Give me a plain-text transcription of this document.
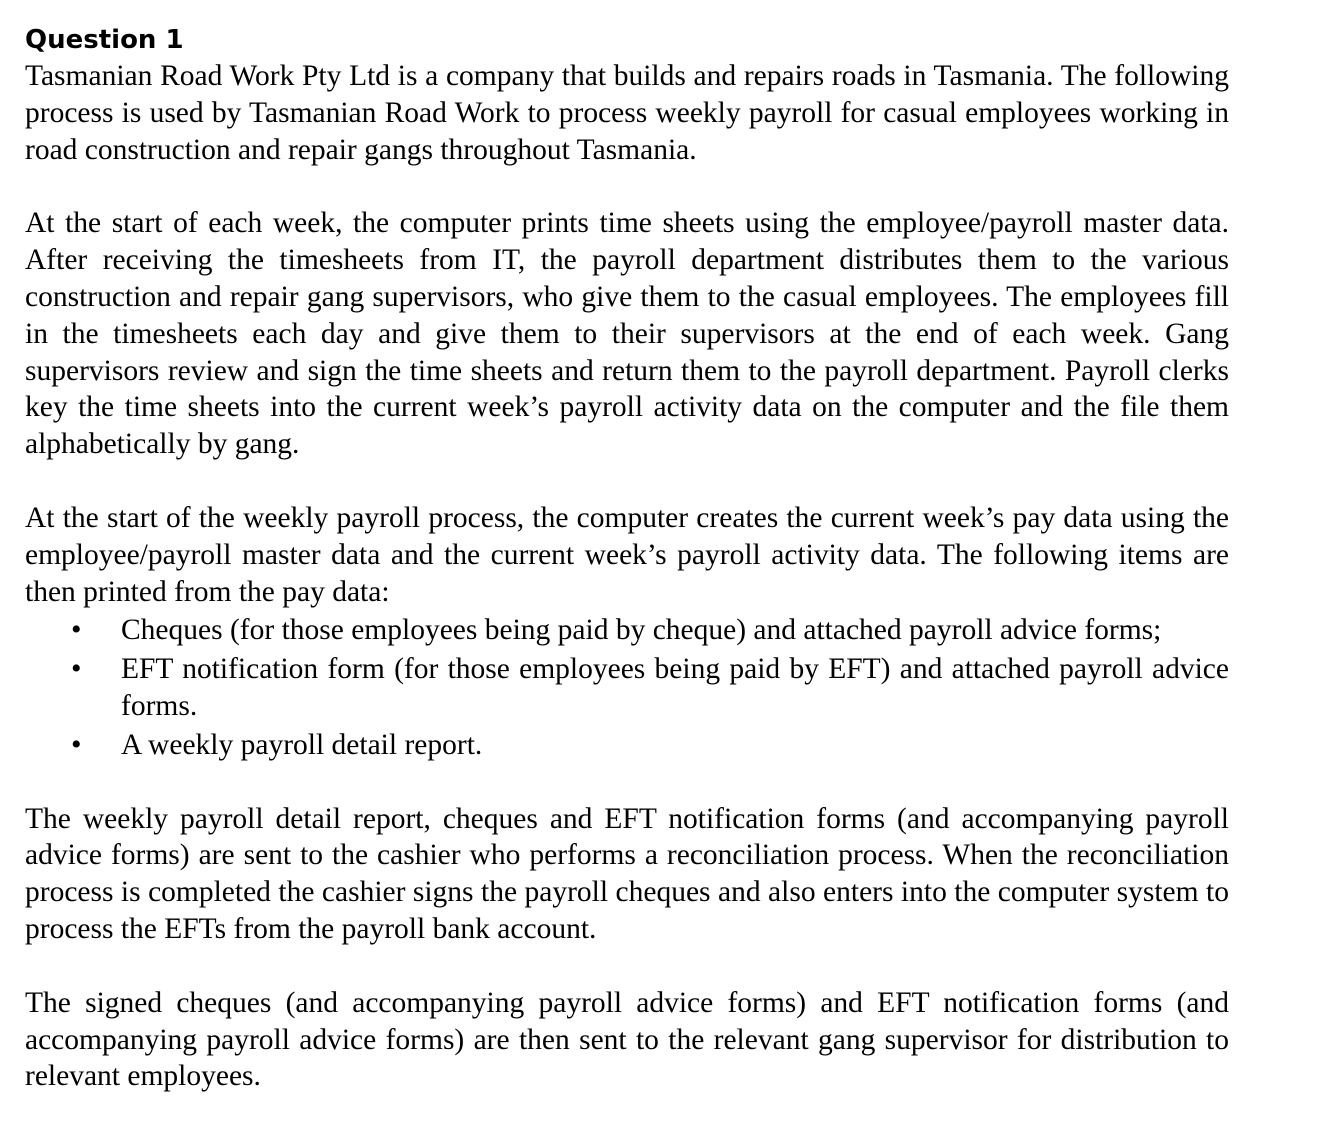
Question 1

Tasmanian Road Work Pty Ltd is a company that builds and repairs roads in Tasmania. The following process is used by Tasmanian Road Work to process weekly payroll for casual employees working in road construction and repair gangs throughout Tasmania.

At the start of each week, the computer prints time sheets using the employee/payroll master data. After receiving the timesheets from IT, the payroll department distributes them to the various construction and repair gang supervisors, who give them to the casual employees. The employees fill in the timesheets each day and give them to their supervisors at the end of each week. Gang supervisors review and sign the time sheets and return them to the payroll department. Payroll clerks key the time sheets into the current week’s payroll activity data on the computer and the file them alphabetically by gang.

At the start of the weekly payroll process, the computer creates the current week’s pay data using the employee/payroll master data and the current week’s payroll activity data. The following items are then printed from the pay data:

• Cheques (for those employees being paid by cheque) and attached payroll advice forms;
• EFT notification form (for those employees being paid by EFT) and attached payroll advice forms.
• A weekly payroll detail report.

The weekly payroll detail report, cheques and EFT notification forms (and accompanying payroll advice forms) are sent to the cashier who performs a reconciliation process. When the reconciliation process is completed the cashier signs the payroll cheques and also enters into the computer system to process the EFTs from the payroll bank account.

The signed cheques (and accompanying payroll advice forms) and EFT notification forms (and accompanying payroll advice forms) are then sent to the relevant gang supervisor for distribution to relevant employees.
